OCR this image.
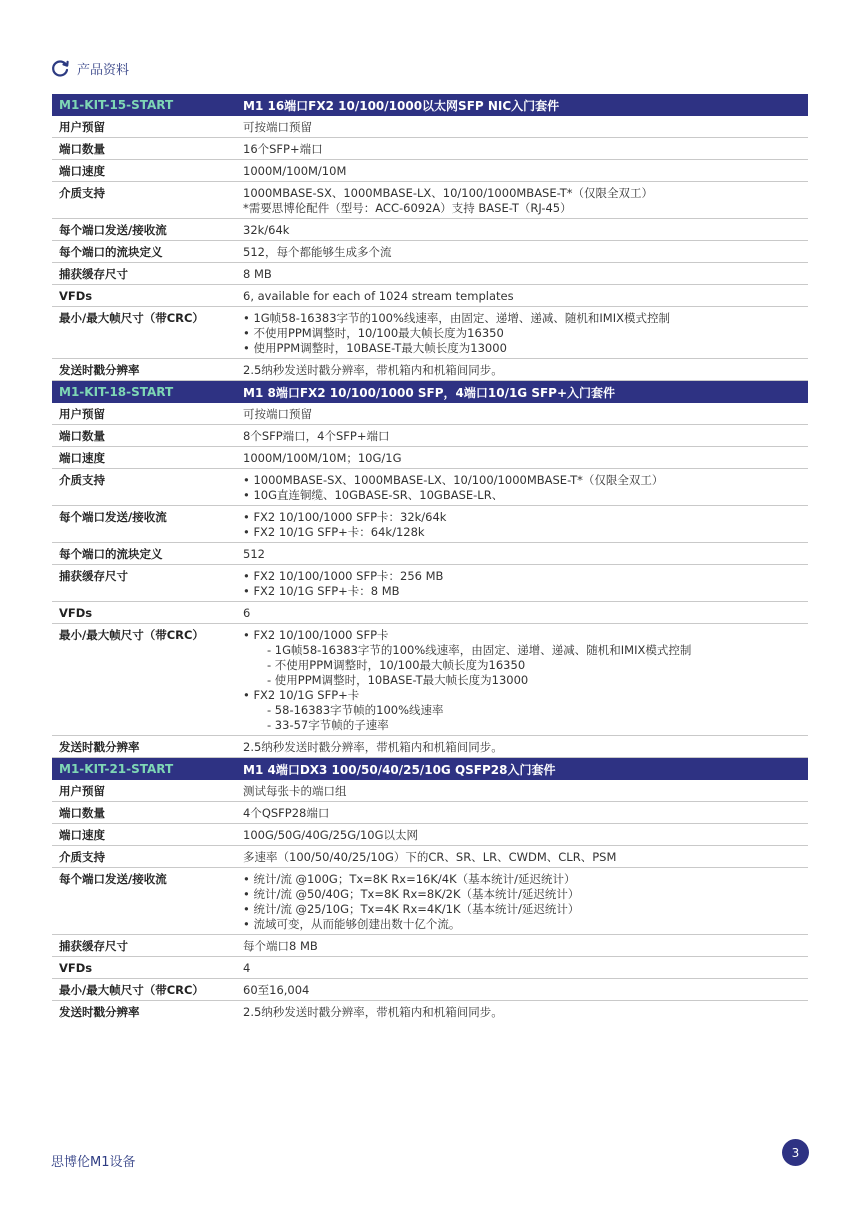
产品资料
M1-KIT-15-START	M1 16端口FX2 10/100/1000以太网SFP NIC入门套件
用户预留	可按端口预留
端口数量	16个SFP+端口
端口速度	1000M/100M/10M
介质支持	1000MBASE-SX、1000MBASE-LX、10/100/1000MBASE-T*（仅限全双工）
*需要思博伦配件（型号：ACC-6092A）支持 BASE-T（RJ-45）
每个端口发送/接收流	32k/64k
每个端口的流块定义	512，每个都能够生成多个流
捕获缓存尺寸	8 MB
VFDs	6, available for each of 1024 stream templates
最小/最大帧尺寸（带CRC）	• 1G帧58-16383字节的100%线速率，由固定、递增、递减、随机和IMIX模式控制
• 不使用PPM调整时，10/100最大帧长度为16350
• 使用PPM调整时，10BASE-T最大帧长度为13000
发送时戳分辨率	2.5纳秒发送时戳分辨率，带机箱内和机箱间同步。
M1-KIT-18-START	M1 8端口FX2 10/100/1000 SFP，4端口10/1G SFP+入门套件
用户预留	可按端口预留
端口数量	8个SFP端口，4个SFP+端口
端口速度	1000M/100M/10M；10G/1G
介质支持	• 1000MBASE-SX、1000MBASE-LX、10/100/1000MBASE-T*（仅限全双工）
• 10G直连铜缆、10GBASE-SR、10GBASE-LR、
每个端口发送/接收流	• FX2 10/100/1000 SFP卡：32k/64k
• FX2 10/1G SFP+卡：64k/128k
每个端口的流块定义	512
捕获缓存尺寸	• FX2 10/100/1000 SFP卡：256 MB
• FX2 10/1G SFP+卡：8 MB
VFDs	6
最小/最大帧尺寸（带CRC）	• FX2 10/100/1000 SFP卡
- 1G帧58-16383字节的100%线速率，由固定、递增、递减、随机和IMIX模式控制
- 不使用PPM调整时，10/100最大帧长度为16350
- 使用PPM调整时，10BASE-T最大帧长度为13000
• FX2 10/1G SFP+卡
- 58-16383字节帧的100%线速率
- 33-57字节帧的子速率
发送时戳分辨率	2.5纳秒发送时戳分辨率，带机箱内和机箱间同步。
M1-KIT-21-START	M1 4端口DX3 100/50/40/25/10G QSFP28入门套件
用户预留	测试每张卡的端口组
端口数量	4个QSFP28端口
端口速度	100G/50G/40G/25G/10G以太网
介质支持	多速率（100/50/40/25/10G）下的CR、SR、LR、CWDM、CLR、PSM
每个端口发送/接收流	• 统计/流 @100G；Tx=8K Rx=16K/4K（基本统计/延迟统计）
• 统计/流 @50/40G；Tx=8K Rx=8K/2K（基本统计/延迟统计）
• 统计/流 @25/10G；Tx=4K Rx=4K/1K（基本统计/延迟统计）
• 流域可变，从而能够创建出数十亿个流。
捕获缓存尺寸	每个端口8 MB
VFDs	4
最小/最大帧尺寸（带CRC）	60至16,004
发送时戳分辨率	2.5纳秒发送时戳分辨率，带机箱内和机箱间同步。
思博伦M1设备
3
